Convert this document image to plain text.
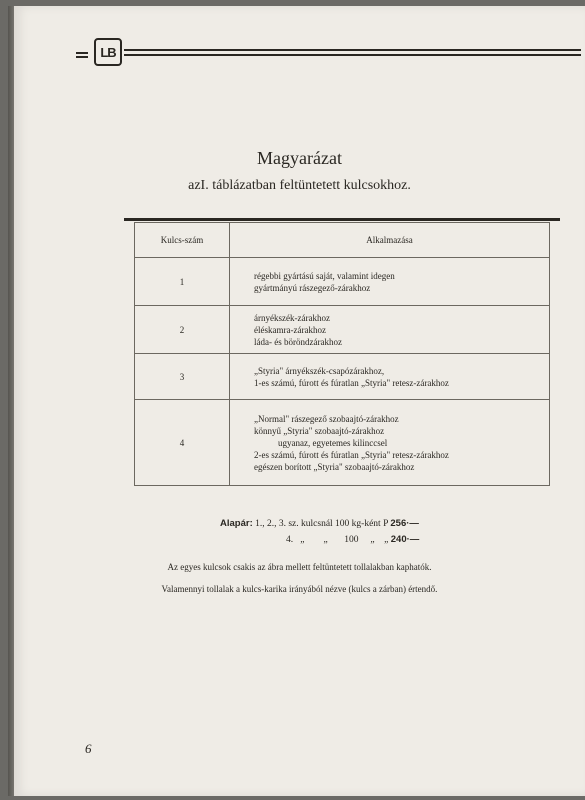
LB
Magyarázat
azI. táblázatban feltüntetett kulcsokhoz.
Kulcs-szám	Alkalmazása
1	régebbi gyártású saját, valamint idegen
gyártmányú rászegező-zárakhoz

2	árnyékszék-zárakhoz
éléskamra-zárakhoz
láda- és böröndzárakhoz

3	„Styria" árnyékszék-csapózárakhoz,
1-es számú, fúrott és fúratlan „Styria" retesz-zárakhoz

4	„Normal" rászegező szobaajtó-zárakhoz
könnyű „Styria" szobaajtó-zárakhoz
ugyanaz, egyetemes kilinccsel
2-es számú, fúrott és fúratlan „Styria" retesz-zárakhoz
egészen borított „Styria" szobaajtó-zárakhoz
Alapár: 1., 2., 3. sz. kulcsnál 100 kg-ként P 256·—
4.   „        „       100     „    „ 240·—
Az egyes kulcsok csakis az ábra mellett feltüntetett tollalakban kaphatók.
Valamennyi tollalak a kulcs-karika irányából nézve (kulcs a zárban) értendő.
6
